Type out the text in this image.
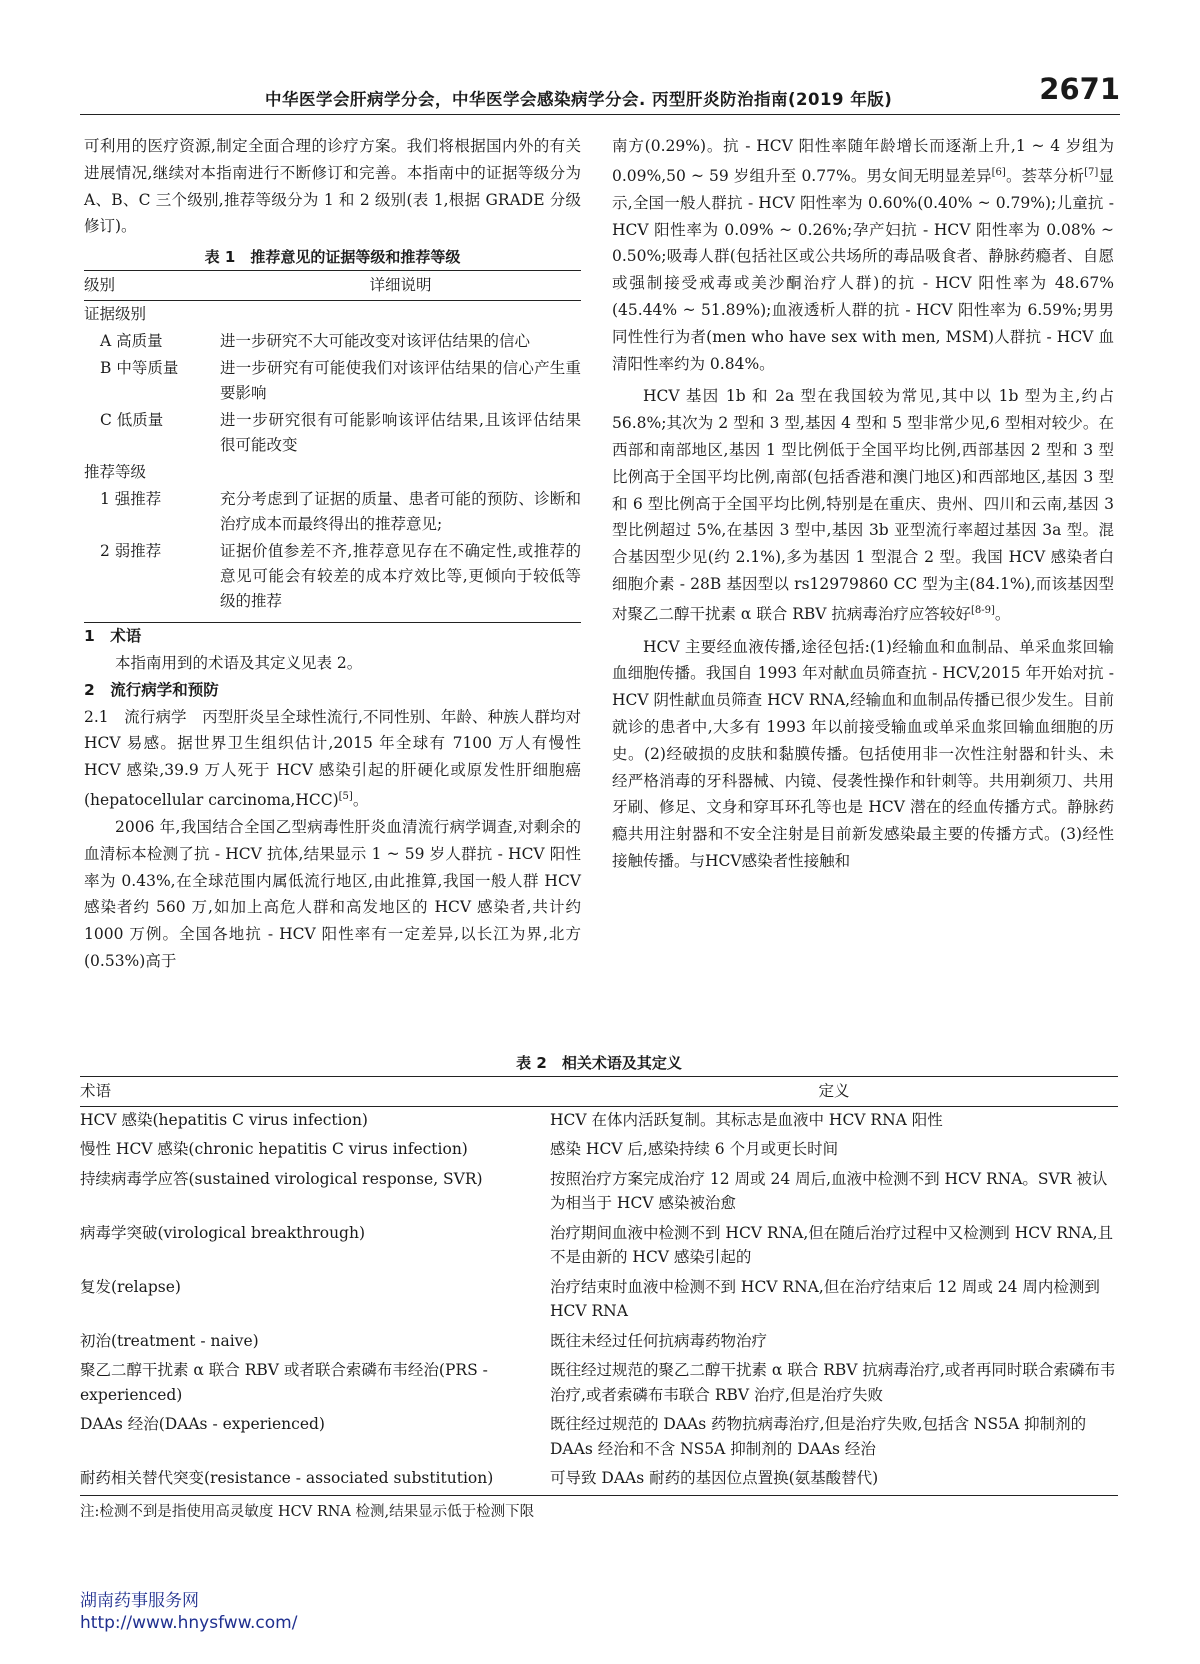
中华医学会肝病学分会，中华医学会感染病学分会. 丙型肝炎防治指南(2019 年版)	2671

可利用的医疗资源,制定全面合理的诊疗方案。我们将根据国内外的有关进展情况,继续对本指南进行不断修订和完善。本指南中的证据等级分为 A、B、C 三个级别,推荐等级分为 1 和 2 级别(表 1,根据 GRADE 分级修订)。

表 1　推荐意见的证据等级和推荐等级
级别	详细说明
证据级别	
A 高质量	进一步研究不大可能改变对该评估结果的信心
B 中等质量	进一步研究有可能使我们对该评估结果的信心产生重要影响
C 低质量	进一步研究很有可能影响该评估结果,且该评估结果很可能改变
推荐等级	
1 强推荐	充分考虑到了证据的质量、患者可能的预防、诊断和治疗成本而最终得出的推荐意见;
2 弱推荐	证据价值参差不齐,推荐意见存在不确定性,或推荐的意见可能会有较差的成本疗效比等,更倾向于较低等级的推荐

1　术语

本指南用到的术语及其定义见表 2。

2　流行病学和预防

2.1　流行病学　丙型肝炎呈全球性流行,不同性别、年龄、种族人群均对 HCV 易感。据世界卫生组织估计,2015 年全球有 7100 万人有慢性 HCV 感染,39.9 万人死于 HCV 感染引起的肝硬化或原发性肝细胞癌(hepatocellular carcinoma,HCC)[5]。

2006 年,我国结合全国乙型病毒性肝炎血清流行病学调查,对剩余的血清标本检测了抗 - HCV 抗体,结果显示 1 ~ 59 岁人群抗 - HCV 阳性率为 0.43%,在全球范围内属低流行地区,由此推算,我国一般人群 HCV 感染者约 560 万,如加上高危人群和高发地区的 HCV 感染者,共计约 1000 万例。全国各地抗 - HCV 阳性率有一定差异,以长江为界,北方(0.53%)高于

南方(0.29%)。抗 - HCV 阳性率随年龄增长而逐渐上升,1 ~ 4 岁组为 0.09%,50 ~ 59 岁组升至 0.77%。男女间无明显差异[6]。荟萃分析[7]显示,全国一般人群抗 - HCV 阳性率为 0.60%(0.40% ~ 0.79%);儿童抗 - HCV 阳性率为 0.09% ~ 0.26%;孕产妇抗 - HCV 阳性率为 0.08% ~ 0.50%;吸毒人群(包括社区或公共场所的毒品吸食者、静脉药瘾者、自愿或强制接受戒毒或美沙酮治疗人群)的抗 - HCV 阳性率为 48.67%(45.44% ~ 51.89%);血液透析人群的抗 - HCV 阳性率为 6.59%;男男同性性行为者(men who have sex with men, MSM)人群抗 - HCV 血清阳性率约为 0.84%。

HCV 基因 1b 和 2a 型在我国较为常见,其中以 1b 型为主,约占 56.8%;其次为 2 型和 3 型,基因 4 型和 5 型非常少见,6 型相对较少。在西部和南部地区,基因 1 型比例低于全国平均比例,西部基因 2 型和 3 型比例高于全国平均比例,南部(包括香港和澳门地区)和西部地区,基因 3 型和 6 型比例高于全国平均比例,特别是在重庆、贵州、四川和云南,基因 3 型比例超过 5%,在基因 3 型中,基因 3b 亚型流行率超过基因 3a 型。混合基因型少见(约 2.1%),多为基因 1 型混合 2 型。我国 HCV 感染者白细胞介素 - 28B 基因型以 rs12979860 CC 型为主(84.1%),而该基因型对聚乙二醇干扰素 α 联合 RBV 抗病毒治疗应答较好[8-9]。

HCV 主要经血液传播,途径包括:(1)经输血和血制品、单采血浆回输血细胞传播。我国自 1993 年对献血员筛查抗 - HCV,2015 年开始对抗 - HCV 阴性献血员筛查 HCV RNA,经输血和血制品传播已很少发生。目前就诊的患者中,大多有 1993 年以前接受输血或单采血浆回输血细胞的历史。(2)经破损的皮肤和黏膜传播。包括使用非一次性注射器和针头、未经严格消毒的牙科器械、内镜、侵袭性操作和针刺等。共用剃须刀、共用牙刷、修足、文身和穿耳环孔等也是 HCV 潜在的经血传播方式。静脉药瘾共用注射器和不安全注射是目前新发感染最主要的传播方式。(3)经性接触传播。与HCV感染者性接触和

表 2　相关术语及其定义
术语	定义
HCV 感染(hepatitis C virus infection)	HCV 在体内活跃复制。其标志是血液中 HCV RNA 阳性
慢性 HCV 感染(chronic hepatitis C virus infection)	感染 HCV 后,感染持续 6 个月或更长时间
持续病毒学应答(sustained virological response, SVR)	按照治疗方案完成治疗 12 周或 24 周后,血液中检测不到 HCV RNA。SVR 被认为相当于 HCV 感染被治愈
病毒学突破(virological breakthrough)	治疗期间血液中检测不到 HCV RNA,但在随后治疗过程中又检测到 HCV RNA,且不是由新的 HCV 感染引起的
复发(relapse)	治疗结束时血液中检测不到 HCV RNA,但在治疗结束后 12 周或 24 周内检测到 HCV RNA
初治(treatment - naive)	既往未经过任何抗病毒药物治疗
聚乙二醇干扰素 α 联合 RBV 或者联合索磷布韦经治(PRS - experienced)	既往经过规范的聚乙二醇干扰素 α 联合 RBV 抗病毒治疗,或者再同时联合索磷布韦治疗,或者索磷布韦联合 RBV 治疗,但是治疗失败
DAAs 经治(DAAs - experienced)	既往经过规范的 DAAs 药物抗病毒治疗,但是治疗失败,包括含 NS5A 抑制剂的 DAAs 经治和不含 NS5A 抑制剂的 DAAs 经治
耐药相关替代突变(resistance - associated substitution)	可导致 DAAs 耐药的基因位点置换(氨基酸替代)
注:检测不到是指使用高灵敏度 HCV RNA 检测,结果显示低于检测下限
湖南药事服务网
http://www.hnysfww.com/
